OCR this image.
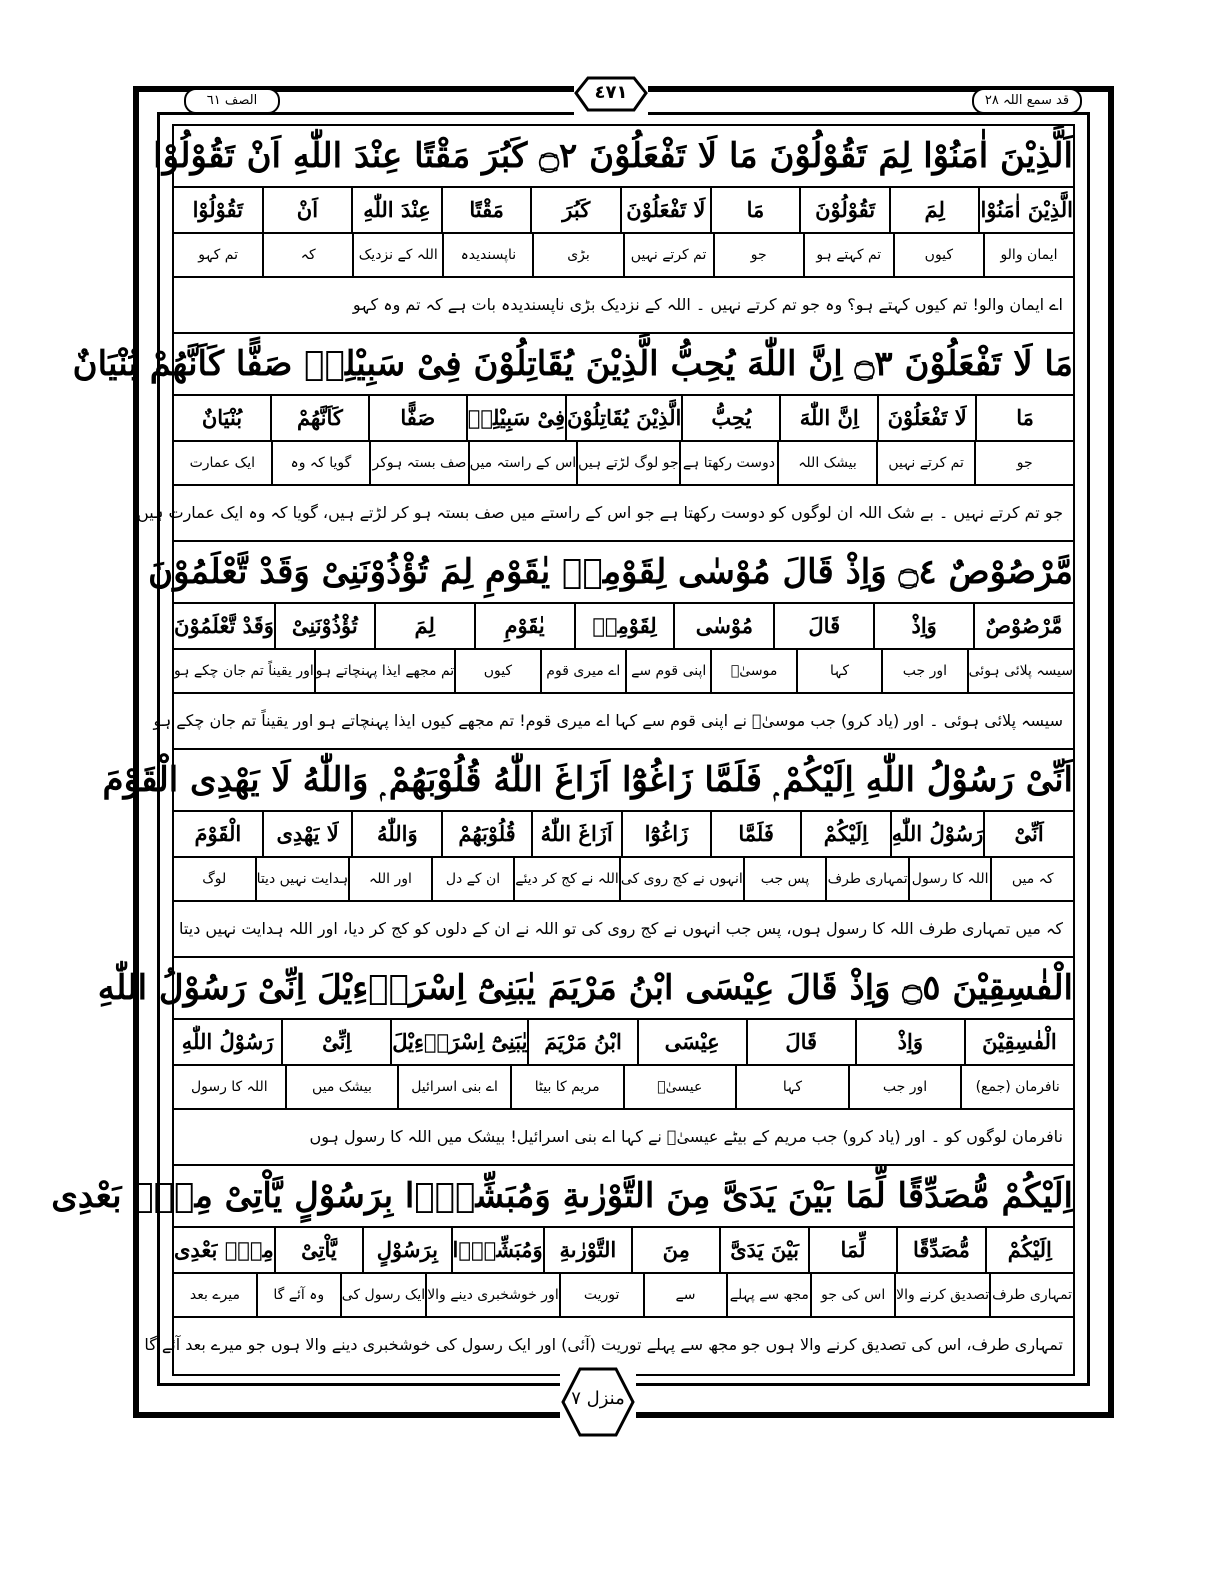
الصف ٦١	قد سمع اللہ ٢٨
٤٧١
اَلَّذِیْنَ اٰمَنُوْا لِمَ تَقُوْلُوْنَ مَا لَا تَفْعَلُوْنَ ۝٢ كَبُرَ مَقْتًا عِنْدَ اللّٰهِ اَنْ تَقُوْلُوْا
الَّذِیْنَ اٰمَنُوْا
لِمَ
تَقُوْلُوْنَ
مَا
لَا تَفْعَلُوْنَ
كَبُرَ
مَقْتًا
عِنْدَ اللّٰهِ
اَنْ
تَقُوْلُوْا
ایمان والو
کیوں
تم کہتے ہو
جو
تم کرتے نہیں
بڑی
ناپسندیدہ
اللہ کے نزدیک
کہ
تم کہو
اے ایمان والو! تم کیوں کہتے ہو؟ وہ جو تم کرتے نہیں ۔ اللہ کے نزدیک بڑی ناپسندیدہ بات ہے کہ تم وہ کہو
مَا لَا تَفْعَلُوْنَ ۝٣ اِنَّ اللّٰهَ یُحِبُّ الَّذِیْنَ یُقَاتِلُوْنَ فِیْ سَبِیْلِهٖ صَفًّا كَاَنَّهُمْ بُنْیَانٌ
مَا
لَا تَفْعَلُوْنَ
اِنَّ اللّٰهَ
یُحِبُّ
الَّذِیْنَ یُقَاتِلُوْنَ
فِیْ سَبِیْلِهٖ
صَفًّا
كَاَنَّهُمْ
بُنْیَانٌ
جو
تم کرتے نہیں
بیشک اللہ
دوست رکھتا ہے
جو لوگ لڑتے ہیں
اس کے راستہ میں
صف بستہ ہوکر
گویا کہ وہ
ایک عمارت
جو تم کرتے نہیں ۔ بے شک اللہ ان لوگوں کو دوست رکھتا ہے جو اس کے راستے میں صف بستہ ہو کر لڑتے ہیں، گویا کہ وہ ایک عمارت ہیں
مَّرْصُوْصٌ ۝٤ وَاِذْ قَالَ مُوْسٰى لِقَوْمِهٖ یٰقَوْمِ لِمَ تُؤْذُوْنَنِیْ وَقَدْ تَّعْلَمُوْنَ
مَّرْصُوْصٌ
وَاِذْ
قَالَ
مُوْسٰى
لِقَوْمِهٖ
یٰقَوْمِ
لِمَ
تُؤْذُوْنَنِیْ
وَقَدْ تَّعْلَمُوْنَ
سیسہ پلائی ہوئی
اور جب
کہا
موسیٰؑ
اپنی قوم سے
اے میری قوم
کیوں
تم مجھے ایذا پہنچاتے ہو
اور یقیناً تم جان چکے ہو
سیسہ پلائی ہوئی ۔ اور (یاد کرو) جب موسیٰؑ نے اپنی قوم سے کہا اے میری قوم! تم مجھے کیوں ایذا پہنچاتے ہو اور یقیناً تم جان چکے ہو
اَنِّیْ رَسُوْلُ اللّٰهِ اِلَیْكُمْ ۭ فَلَمَّا زَاغُوْٓا اَزَاغَ اللّٰهُ قُلُوْبَهُمْ ۭ وَاللّٰهُ لَا یَهْدِی الْقَوْمَ
اَنِّیْ
رَسُوْلُ اللّٰهِ
اِلَیْكُمْ
فَلَمَّا
زَاغُوْٓا
اَزَاغَ اللّٰهُ
قُلُوْبَهُمْ
وَاللّٰهُ
لَا یَهْدِی
الْقَوْمَ
کہ میں
اللہ کا رسول
تمہاری طرف
پس جب
انہوں نے کج روی کی
اللہ نے کج کر دیئے
ان کے دل
اور اللہ
ہدایت نہیں دیتا
لوگ
کہ میں تمہاری طرف اللہ کا رسول ہوں، پس جب انہوں نے کج روی کی تو اللہ نے ان کے دلوں کو کج کر دیا، اور اللہ ہدایت نہیں دیتا
الْفٰسِقِیْنَ ۝٥ وَاِذْ قَالَ عِیْسَى ابْنُ مَرْیَمَ یٰبَنِیْٓ اِسْرَاۗءِیْلَ اِنِّیْ رَسُوْلُ اللّٰهِ
الْفٰسِقِیْنَ
وَاِذْ
قَالَ
عِیْسَى
ابْنُ مَرْیَمَ
یٰبَنِیْٓ اِسْرَاۗءِیْلَ
اِنِّیْ
رَسُوْلُ اللّٰهِ
نافرمان (جمع)
اور جب
کہا
عیسیٰؑ
مریم کا بیٹا
اے بنی اسرائیل
بیشک میں
اللہ کا رسول
نافرمان لوگوں کو ۔ اور (یاد کرو) جب مریم کے بیٹے عیسیٰؑ نے کہا اے بنی اسرائیل! بیشک میں اللہ کا رسول ہوں
اِلَیْكُمْ مُّصَدِّقًا لِّمَا بَیْنَ یَدَیَّ مِنَ التَّوْرٰىةِ وَمُبَشِّرًۢا بِرَسُوْلٍ یَّاْتِیْ مِنْۢ بَعْدِی
اِلَیْكُمْ
مُّصَدِّقًا
لِّمَا
بَیْنَ یَدَیَّ
مِنَ
التَّوْرٰىةِ
وَمُبَشِّرًۢا
بِرَسُوْلٍ
یَّاْتِیْ
مِنْۢ بَعْدِی
تمہاری طرف
تصدیق کرنے والا
اس کی جو
مجھ سے پہلے
سے
توریت
اور خوشخبری دینے والا
ایک رسول کی
وہ آئے گا
میرے بعد
تمہاری طرف، اس کی تصدیق کرنے والا ہوں جو مجھ سے پہلے توریت (آئی) اور ایک رسول کی خوشخبری دینے والا ہوں جو میرے بعد آئے گا
منزل ٧
